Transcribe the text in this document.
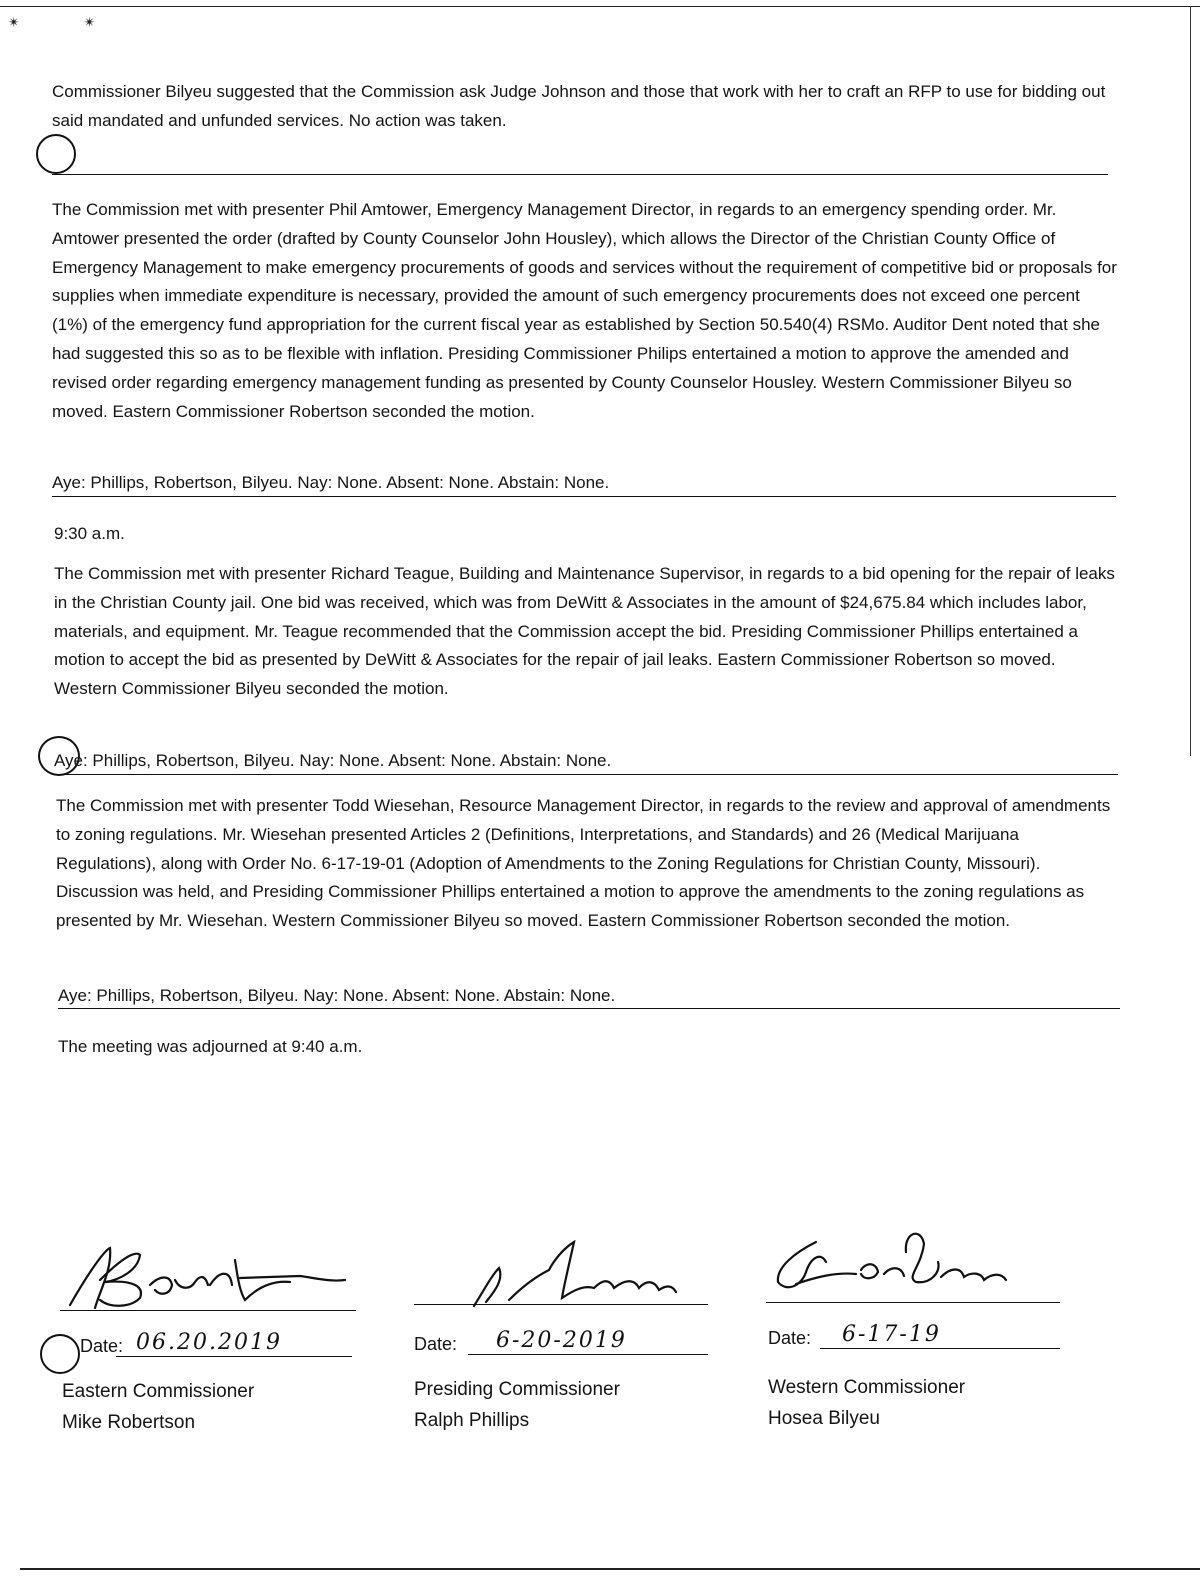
✴ ✴

Commissioner Bilyeu suggested that the Commission ask Judge Johnson and those that work with her to craft an RFP to use for bidding out said mandated and unfunded services. No action was taken.

The Commission met with presenter Phil Amtower, Emergency Management Director, in regards to an emergency spending order. Mr. Amtower presented the order (drafted by County Counselor John Housley), which allows the Director of the Christian County Office of Emergency Management to make emergency procurements of goods and services without the requirement of competitive bid or proposals for supplies when immediate expenditure is necessary, provided the amount of such emergency procurements does not exceed one percent (1%) of the emergency fund appropriation for the current fiscal year as established by Section 50.540(4) RSMo. Auditor Dent noted that she had suggested this so as to be flexible with inflation. Presiding Commissioner Philips entertained a motion to approve the amended and revised order regarding emergency management funding as presented by County Counselor Housley. Western Commissioner Bilyeu so moved. Eastern Commissioner Robertson seconded the motion.

Aye: Phillips, Robertson, Bilyeu. Nay: None. Absent: None. Abstain: None.

9:30 a.m.

The Commission met with presenter Richard Teague, Building and Maintenance Supervisor, in regards to a bid opening for the repair of leaks in the Christian County jail. One bid was received, which was from DeWitt & Associates in the amount of $24,675.84 which includes labor, materials, and equipment. Mr. Teague recommended that the Commission accept the bid. Presiding Commissioner Phillips entertained a motion to accept the bid as presented by DeWitt & Associates for the repair of jail leaks. Eastern Commissioner Robertson so moved. Western Commissioner Bilyeu seconded the motion.

Aye: Phillips, Robertson, Bilyeu. Nay: None. Absent: None. Abstain: None.

The Commission met with presenter Todd Wiesehan, Resource Management Director, in regards to the review and approval of amendments to zoning regulations. Mr. Wiesehan presented Articles 2 (Definitions, Interpretations, and Standards) and 26 (Medical Marijuana Regulations), along with Order No. 6-17-19-01 (Adoption of Amendments to the Zoning Regulations for Christian County, Missouri). Discussion was held, and Presiding Commissioner Phillips entertained a motion to approve the amendments to the zoning regulations as presented by Mr. Wiesehan. Western Commissioner Bilyeu so moved. Eastern Commissioner Robertson seconded the motion.

Aye: Phillips, Robertson, Bilyeu. Nay: None. Absent: None. Abstain: None.

The meeting was adjourned at 9:40 a.m.

Date: 06.20.2019
Eastern Commissioner
Mike Robertson
Date: 6-20-2019
Presiding Commissioner
Ralph Phillips
Date: 6-17-19
Western Commissioner
Hosea Bilyeu
